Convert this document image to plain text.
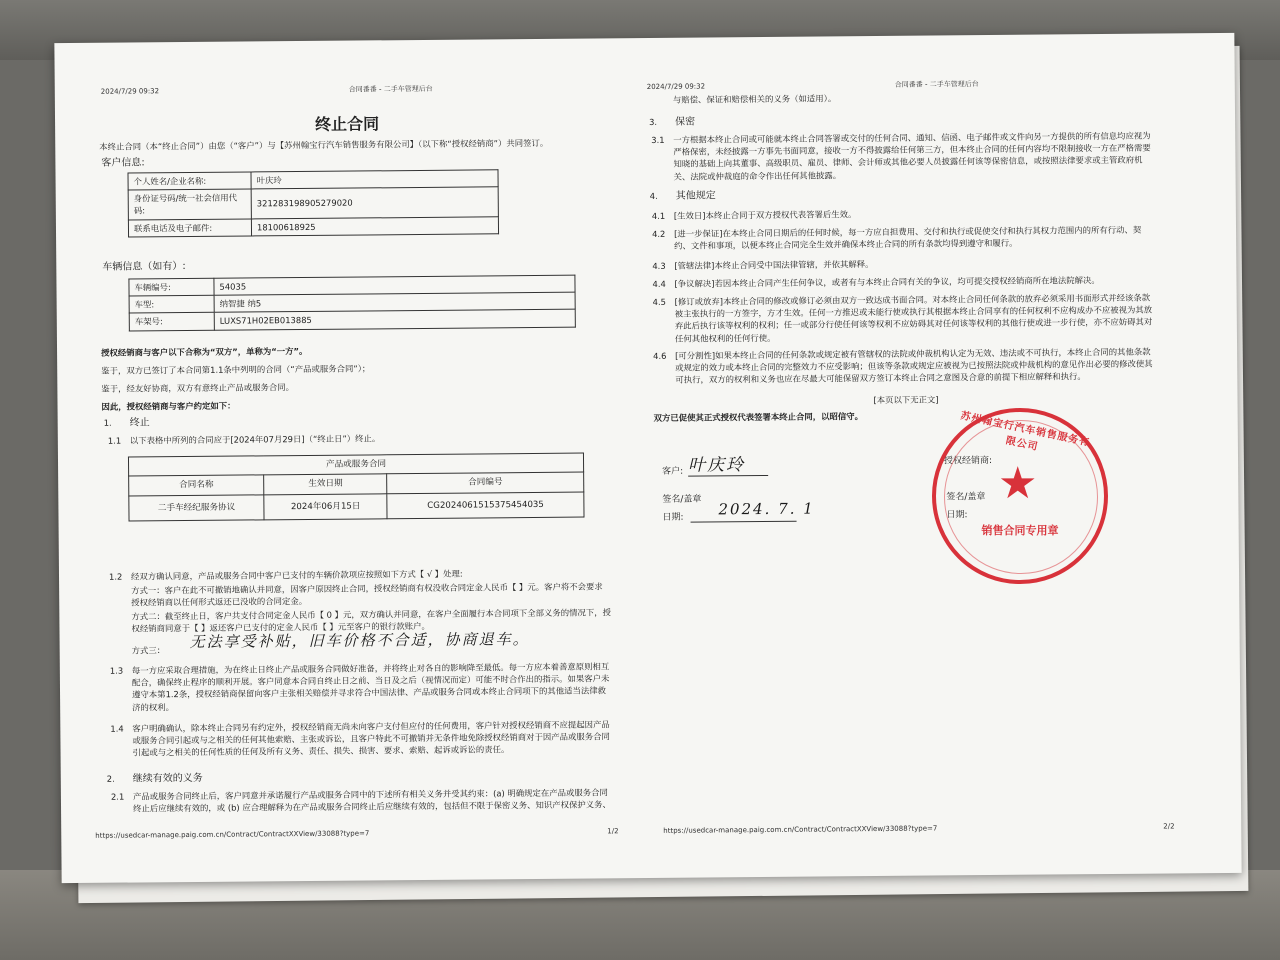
2024/7/29 09:32	合同番番 - 二手车管理后台
终止合同
本终止合同（本“终止合同”）由您（“客户”）与【苏州翰宝行汽车销售服务有限公司】（以下称“授权经销商”）共同签订。
客户信息:
个人姓名/企业名称:	叶庆玲
身份证号码/统一社会信用代码:	321283198905279020
联系电话及电子邮件:	18100618925
车辆信息（如有）:
车辆编号:	54035
车型:	纳智捷 纳5
车架号:	LUXS71H02EB013885
授权经销商与客户以下合称为“双方”，单称为“一方”。
鉴于，双方已签订了本合同第1.1条中列明的合同（“产品或服务合同”）；
鉴于，经友好协商，双方有意终止产品或服务合同。
因此，授权经销商与客户约定如下：
1. 终止
1.1 以下表格中所列的合同应于[2024年07月29日]（“终止日”）终止。
产品或服务合同		
合同名称	生效日期	合同编号
二手车经纪服务协议	2024年06月15日	CG2024061515375454035
1.2 经双方确认同意，产品或服务合同中客户已支付的车辆价款项应按照如下方式【 √ 】处理:
方式一：客户在此不可撤销地确认并同意，因客户原因终止合同，授权经销商有权没收合同定金人民币【 】元。客户将不会要求授权经销商以任何形式返还已没收的合同定金。
方式二：截至终止日，客户共支付合同定金人民币【 0 】元，双方确认并同意，在客户全面履行本合同项下全部义务的情况下，授权经销商同意于【 】返还客户已支付的定金人民币【 】元至客户的银行款账户。
方式三： 无法享受补贴，旧车价格不合适，协商退车。
1.3 每一方应采取合理措施，为在终止日终止产品或服务合同做好准备，并将终止对各自的影响降至最低。每一方应本着善意原则相互配合，确保终止程序的顺利开展。客户同意本合同自终止日之前、当日及之后（视情况而定）可能不时合作出的指示。如果客户未遵守本第1.2条，授权经销商保留向客户主张相关赔偿并寻求符合中国法律、产品或服务合同或本终止合同项下的其他适当法律救济的权利。
1.4 客户明确确认，除本终止合同另有约定外，授权经销商无尚未向客户支付但应付的任何费用，客户针对授权经销商不应提起因产品或服务合同引起或与之相关的任何其他索赔、主张或诉讼，且客户特此不可撤销并无条件地免除授权经销商对于因产品或服务合同引起或与之相关的任何性质的任何及所有义务、责任、损失、损害、要求、索赔、起诉或诉讼的责任。
2. 继续有效的义务
2.1 产品或服务合同终止后，客户同意并承诺履行产品或服务合同中的下述所有相关义务并受其约束：(a) 明确规定在产品或服务合同终止后应继续有效的，或 (b) 应合理解释为在产品或服务合同终止后应继续有效的，包括但不限于保密义务、知识产权保护义务、
https://usedcar-manage.paig.com.cn/Contract/ContractXXView/33088?type=7	1/2
2024/7/29 09:32	合同番番 - 二手车管理后台
与赔偿、保证和赔偿相关的义务（如适用）。
3. 保密
3.1 一方根据本终止合同或可能就本终止合同答署或交付的任何合同、通知、信函、电子邮件或文件向另一方提供的所有信息均应视为严格保密，未经披露一方事先书面同意，接收一方不得披露给任何第三方，但本终止合同的任何内容均不限制接收一方在严格需要知晓的基础上向其董事、高级职员、雇员、律师、会计师或其他必要人员披露任何该等保密信息，或按照法律要求或主管政府机关、法院或仲裁庭的命令作出任何其他披露。
4. 其他规定
4.1 [生效日]本终止合同于双方授权代表答署后生效。
4.2 [进一步保证]在本终止合同日期后的任何时候，每一方应自担费用、交付和执行或促使交付和执行其权力范围内的所有行动、契约、文件和事项，以便本终止合同完全生效并确保本终止合同的所有条款均得到遵守和履行。
4.3 [管辖法律]本终止合同受中国法律管辖，并依其解释。
4.4 [争议解决]若因本终止合同产生任何争议，或者有与本终止合同有关的争议，均可提交授权经销商所在地法院解决。
4.5 [修订或放弃]本终止合同的修改或修订必须由双方一致达成书面合同。对本终止合同任何条款的放弃必须采用书面形式并经该条款被主张执行的一方签字，方才生效。任何一方推迟或未能行使或执行其根据本终止合同享有的任何权利不应构成办不应被视为其放弃此后执行该等权利的权利；任一或部分行使任何该等权利不应妨碍其对任何该等权利的其他行使或进一步行使，亦不应妨碍其对任何其他权利的任何行使。
4.6 [可分割性]如果本终止合同的任何条款或规定被有管辖权的法院或仲裁机构认定为无效、违法或不可执行，本终止合同的其他条款或规定的效力或本终止合同的完整效力不应受影响；但该等条款或规定应被视为已按照法院或仲裁机构的意见作出必要的修改使其可执行，双方的权利和义务也应在尽最大可能保留双方签订本终止合同之意图及合意的前提下相应解释和执行。
[本页以下无正文]
双方已促使其正式授权代表签署本终止合同，以昭信守。
客户: 叶庆玲
签名/盖章
日期: 2024. 7. 1
授权经销商:
签名/盖章
日期:
https://usedcar-manage.paig.com.cn/Contract/ContractXXView/33088?type=7	2/2
苏州翰宝行汽车销售服务有限公司
★
销售合同专用章
